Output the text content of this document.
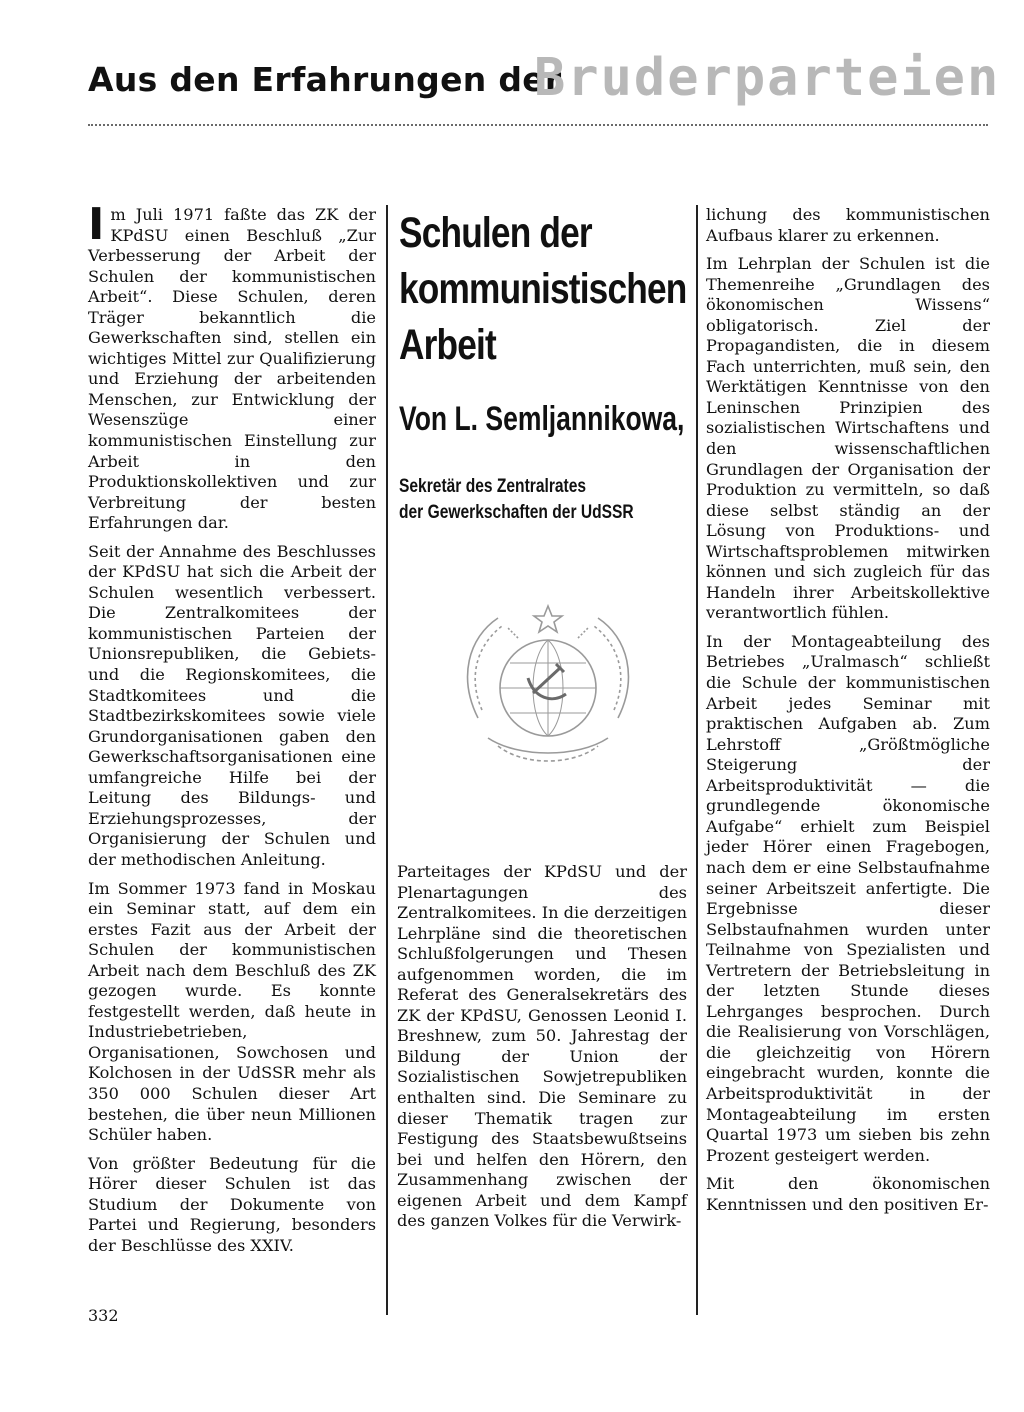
Aus den Erfahrungen der
Bruderparteien

Im Juli 1971 faßte das ZK der KPdSU einen Beschluß „Zur Verbesserung der Arbeit der Schulen der kommunistischen Arbeit“. Diese Schulen, deren Träger bekanntlich die Gewerkschaften sind, stellen ein wichtiges Mittel zur Qualifizierung und Erziehung der arbeitenden Menschen, zur Entwicklung der Wesenszüge einer kommunistischen Einstellung zur Arbeit in den Produktionskollektiven und zur Verbreitung der besten Erfahrungen dar.

Seit der Annahme des Beschlusses der KPdSU hat sich die Arbeit der Schulen wesentlich verbessert. Die Zentralkomitees der kommunistischen Parteien der Unionsrepubliken, die Gebiets- und die Regionskomitees, die Stadtkomitees und die Stadtbezirkskomitees sowie viele Grundorganisationen gaben den Gewerkschaftsorganisationen eine umfangreiche Hilfe bei der Leitung des Bildungs- und Erziehungsprozesses, der Organisierung der Schulen und der methodischen Anleitung.

Im Sommer 1973 fand in Moskau ein Seminar statt, auf dem ein erstes Fazit aus der Arbeit der Schulen der kommunistischen Arbeit nach dem Beschluß des ZK gezogen wurde. Es konnte festgestellt werden, daß heute in Industriebetrieben, Organisationen, Sowchosen und Kolchosen in der UdSSR mehr als 350 000 Schulen dieser Art bestehen, die über neun Millionen Schüler haben.

Von größter Bedeutung für die Hörer dieser Schulen ist das Studium der Dokumente von Partei und Regierung, besonders der Beschlüsse des XXIV.

Schulen der
kommunistischen
Arbeit
Von L. Semljannikowa,
Sekretär des Zentralrates
der Gewerkschaften der UdSSR

Parteitages der KPdSU und der Plenartagungen des Zentralkomitees. In die derzeitigen Lehrpläne sind die theoretischen Schlußfolgerungen und Thesen aufgenommen worden, die im Referat des Generalsekretärs des ZK der KPdSU, Genossen Leonid I. Breshnew, zum 50. Jahrestag der Bildung der Union der Sozialistischen Sowjetrepubliken enthalten sind. Die Seminare zu dieser Thematik tragen zur Festigung des Staatsbewußtseins bei und helfen den Hörern, den Zusammenhang zwischen der eigenen Arbeit und dem Kampf des ganzen Volkes für die Verwirk-

lichung des kommunistischen Aufbaus klarer zu erkennen.

Im Lehrplan der Schulen ist die Themenreihe „Grundlagen des ökonomischen Wissens“ obligatorisch. Ziel der Propagandisten, die in diesem Fach unterrichten, muß sein, den Werktätigen Kenntnisse von den Leninschen Prinzipien des sozialistischen Wirtschaftens und den wissenschaftlichen Grundlagen der Organisation der Produktion zu vermitteln, so daß diese selbst ständig an der Lösung von Produktions- und Wirtschaftsproblemen mitwirken können und sich zugleich für das Handeln ihrer Arbeitskollektive verantwortlich fühlen.

In der Montageabteilung des Betriebes „Uralmasch“ schließt die Schule der kommunistischen Arbeit jedes Seminar mit praktischen Aufgaben ab. Zum Lehrstoff „Größtmögliche Steigerung der Arbeitsproduktivität — die grundlegende ökonomische Aufgabe“ erhielt zum Beispiel jeder Hörer einen Fragebogen, nach dem er eine Selbstaufnahme seiner Arbeitszeit anfertigte. Die Ergebnisse dieser Selbstaufnahmen wurden unter Teilnahme von Spezialisten und Vertretern der Betriebsleitung in der letzten Stunde dieses Lehrganges besprochen. Durch die Realisierung von Vorschlägen, die gleichzeitig von Hörern eingebracht wurden, konnte die Arbeitsproduktivität in der Montageabteilung im ersten Quartal 1973 um sieben bis zehn Prozent gesteigert werden.

Mit den ökonomischen Kenntnissen und den positiven Er-

332
